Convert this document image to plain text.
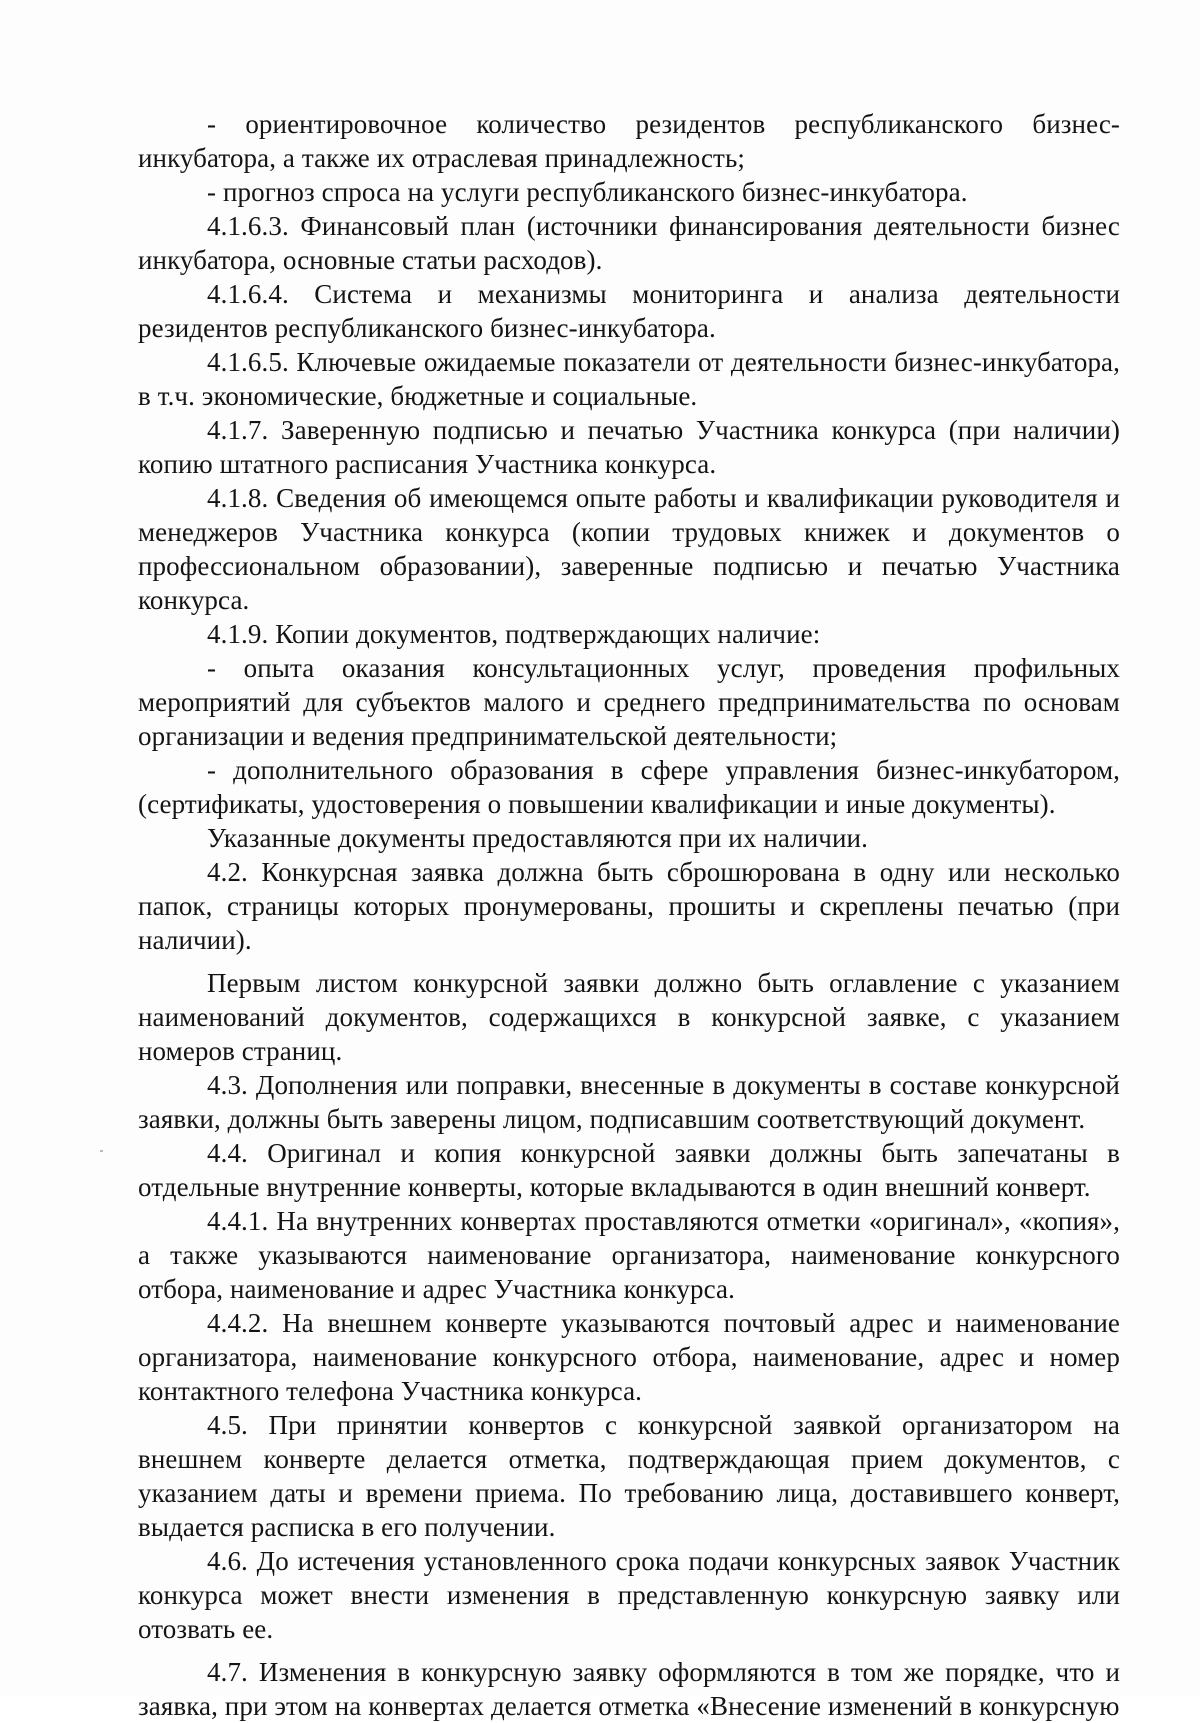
- ориентировочное количество резидентов республиканского бизнес-инкубатора, а также их отраслевая принадлежность;

- прогноз спроса на услуги республиканского бизнес-инкубатора.

4.1.6.3. Финансовый план (источники финансирования деятельности бизнес инкубатора, основные статьи расходов).

4.1.6.4. Система и механизмы мониторинга и анализа деятельности резидентов республиканского бизнес-инкубатора.

4.1.6.5. Ключевые ожидаемые показатели от деятельности бизнес-инкубатора, в т.ч. экономические, бюджетные и социальные.

4.1.7. Заверенную подписью и печатью Участника конкурса (при наличии) копию штатного расписания Участника конкурса.

4.1.8. Сведения об имеющемся опыте работы и квалификации руководителя и менеджеров Участника конкурса (копии трудовых книжек и документов о профессиональном образовании), заверенные подписью и печатью Участника конкурса.

4.1.9. Копии документов, подтверждающих наличие:

- опыта оказания консультационных услуг, проведения профильных мероприятий для субъектов малого и среднего предпринимательства по основам организации и ведения предпринимательской деятельности;

- дополнительного образования в сфере управления бизнес-инкубатором, (сертификаты, удостоверения о повышении квалификации и иные документы).

Указанные документы предоставляются при их наличии.

4.2. Конкурсная заявка должна быть сброшюрована в одну или несколько папок, страницы которых пронумерованы, прошиты и скреплены печатью (при наличии).

Первым листом конкурсной заявки должно быть оглавление с указанием наименований документов, содержащихся в конкурсной заявке, с указанием номеров страниц.

4.3. Дополнения или поправки, внесенные в документы в составе конкурсной заявки, должны быть заверены лицом, подписавшим соответствующий документ.

4.4. Оригинал и копия конкурсной заявки должны быть запечатаны в отдельные внутренние конверты, которые вкладываются в один внешний конверт.

4.4.1. На внутренних конвертах проставляются отметки «оригинал», «копия», а также указываются наименование организатора, наименование конкурсного отбора, наименование и адрес Участника конкурса.

4.4.2. На внешнем конверте указываются почтовый адрес и наименование организатора, наименование конкурсного отбора, наименование, адрес и номер контактного телефона Участника конкурса.

4.5. При принятии конвертов с конкурсной заявкой организатором на внешнем конверте делается отметка, подтверждающая прием документов, с указанием даты и времени приема. По требованию лица, доставившего конверт, выдается расписка в его получении.

4.6. До истечения установленного срока подачи конкурсных заявок Участник конкурса может внести изменения в представленную конкурсную заявку или отозвать ее.

4.7. Изменения в конкурсную заявку оформляются в том же порядке, что и заявка, при этом на конвертах делается отметка «Внесение изменений в конкурсную
